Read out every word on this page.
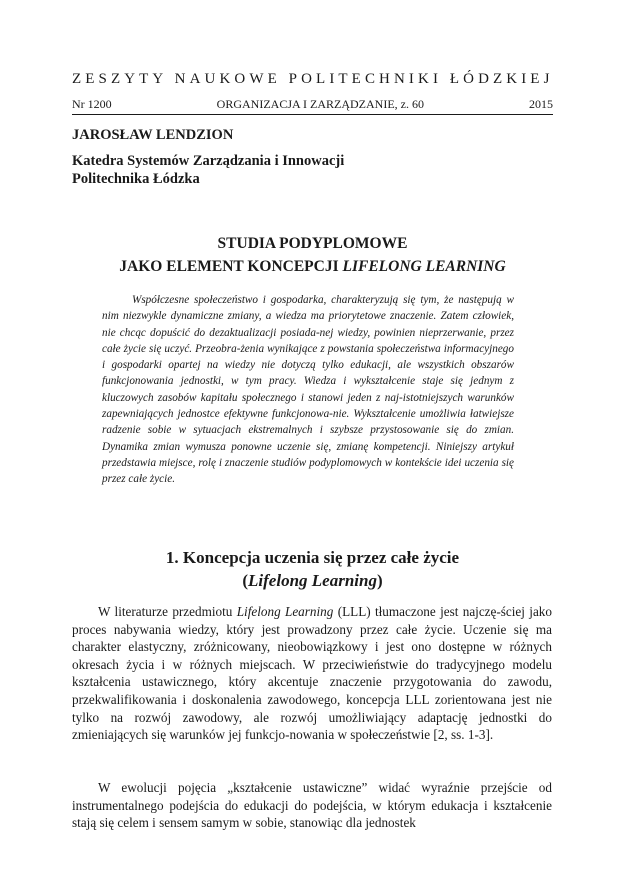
ZESZYTY NAUKOWE POLITECHNIKI ŁÓDZKIEJ
Nr 1200	ORGANIZACJA I ZARZĄDZANIE, z. 60	2015
JAROSŁAW LENDZION
Katedra Systemów Zarządzania i Innowacji
Politechnika Łódzka
STUDIA PODYPLOMOWE
JAKO ELEMENT KONCEPCJI LIFELONG LEARNING
Współczesne społeczeństwo i gospodarka, charakteryzują się tym, że następują w nim niezwykle dynamiczne zmiany, a wiedza ma priorytetowe znaczenie. Zatem człowiek, nie chcąc dopuścić do dezaktualizacji posiada-nej wiedzy, powinien nieprzerwanie, przez całe życie się uczyć. Przeobra-żenia wynikające z powstania społeczeństwa informacyjnego i gospodarki opartej na wiedzy nie dotyczą tylko edukacji, ale wszystkich obszarów funkcjonowania jednostki, w tym pracy. Wiedza i wykształcenie staje się jednym z kluczowych zasobów kapitału społecznego i stanowi jeden z naj-istotniejszych warunków zapewniających jednostce efektywne funkcjonowa-nie. Wykształcenie umożliwia łatwiejsze radzenie sobie w sytuacjach ekstremalnych i szybsze przystosowanie się do zmian. Dynamika zmian wymusza ponowne uczenie się, zmianę kompetencji. Niniejszy artykuł przedstawia miejsce, rolę i znaczenie studiów podyplomowych w kontekście idei uczenia się przez całe życie.
1. Koncepcja uczenia się przez całe życie
(Lifelong Learning)
W literaturze przedmiotu Lifelong Learning (LLL) tłumaczone jest najczę-ściej jako proces nabywania wiedzy, który jest prowadzony przez całe życie. Uczenie się ma charakter elastyczny, zróżnicowany, nieobowiązkowy i jest ono dostępne w różnych okresach życia i w różnych miejscach. W przeciwieństwie do tradycyjnego modelu kształcenia ustawicznego, który akcentuje znaczenie przygotowania do zawodu, przekwalifikowania i doskonalenia zawodowego, koncepcja LLL zorientowana jest nie tylko na rozwój zawodowy, ale rozwój umożliwiający adaptację jednostki do zmieniających się warunków jej funkcjo-nowania w społeczeństwie [2, ss. 1-3].
W ewolucji pojęcia „kształcenie ustawiczne” widać wyraźnie przejście od instrumentalnego podejścia do edukacji do podejścia, w którym edukacja i kształcenie stają się celem i sensem samym w sobie, stanowiąc dla jednostek
